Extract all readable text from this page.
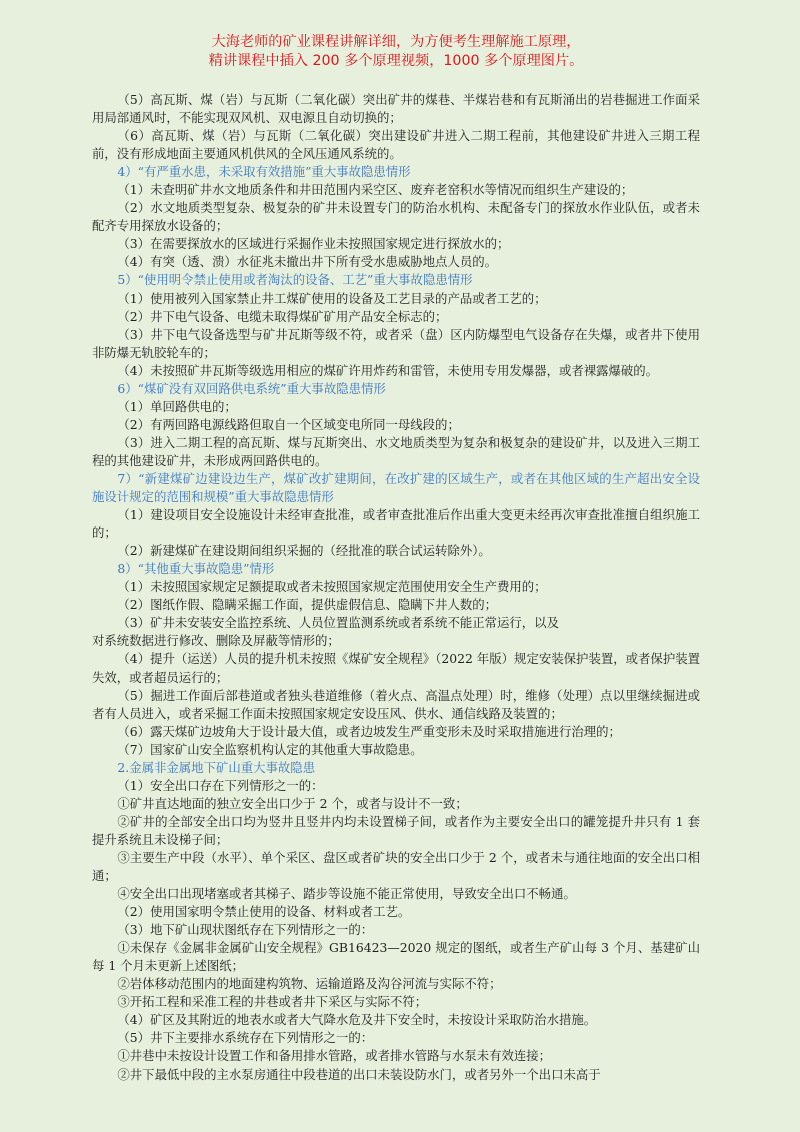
大海老师的矿业课程讲解详细，为方便考生理解施工原理，
精讲课程中插入 200 多个原理视频，1000 多个原理图片。

（5）高瓦斯、煤（岩）与瓦斯（二氧化碳）突出矿井的煤巷、半煤岩巷和有瓦斯涌出的岩巷掘进工作面采用局部通风时，不能实现双风机、双电源且自动切换的；

（6）高瓦斯、煤（岩）与瓦斯（二氧化碳）突出建设矿井进入二期工程前，其他建设矿井进入三期工程前，没有形成地面主要通风机供风的全风压通风系统的。

4）“有严重水患，未采取有效措施”重大事故隐患情形

（1）未查明矿井水文地质条件和井田范围内采空区、废弃老窑积水等情况而组织生产建设的；

（2）水文地质类型复杂、极复杂的矿井未设置专门的防治水机构、未配备专门的探放水作业队伍，或者未配齐专用探放水设备的；

（3）在需要探放水的区域进行采掘作业未按照国家规定进行探放水的；

（4）有突（透、溃）水征兆未撤出井下所有受水患威胁地点人员的。

5）“使用明令禁止使用或者淘汰的设备、工艺”重大事故隐患情形

（1）使用被列入国家禁止井工煤矿使用的设备及工艺目录的产品或者工艺的；

（2）井下电气设备、电缆未取得煤矿矿用产品安全标志的；

（3）井下电气设备选型与矿井瓦斯等级不符，或者采（盘）区内防爆型电气设备存在失爆，或者井下使用非防爆无轨胶轮车的；

（4）未按照矿井瓦斯等级选用相应的煤矿许用炸药和雷管，未使用专用发爆器，或者裸露爆破的。

6）“煤矿没有双回路供电系统”重大事故隐患情形

（1）单回路供电的；

（2）有两回路电源线路但取自一个区域变电所同一母线段的；

（3）进入二期工程的高瓦斯、煤与瓦斯突出、水文地质类型为复杂和极复杂的建设矿井，以及进入三期工程的其他建设矿井，未形成两回路供电的。

7）“新建煤矿边建设边生产，煤矿改扩建期间，在改扩建的区域生产，或者在其他区域的生产超出安全设施设计规定的范围和规模”重大事故隐患情形

（1）建设项目安全设施设计未经审查批准，或者审查批准后作出重大变更未经再次审查批准擅自组织施工的；

（2）新建煤矿在建设期间组织采掘的（经批准的联合试运转除外）。

8）“其他重大事故隐患”情形

（1）未按照国家规定足额提取或者未按照国家规定范围使用安全生产费用的；

（2）图纸作假、隐瞒采掘工作面，提供虚假信息、隐瞒下井人数的；

（3）矿井未安装安全监控系统、人员位置监测系统或者系统不能正常运行，以及
对系统数据进行修改、删除及屏蔽等情形的；

（4）提升（运送）人员的提升机未按照《煤矿安全规程》（2022 年版）规定安装保护装置，或者保护装置失效，或者超员运行的；

（5）掘进工作面后部巷道或者独头巷道维修（着火点、高温点处理）时，维修（处理）点以里继续掘进或者有人员进入，或者采掘工作面未按照国家规定安设压风、供水、通信线路及装置的；

（6）露天煤矿边坡角大于设计最大值，或者边坡发生严重变形未及时采取措施进行治理的；

（7）国家矿山安全监察机构认定的其他重大事故隐患。

2.金属非金属地下矿山重大事故隐患

（1）安全出口存在下列情形之一的：

①矿井直达地面的独立安全出口少于 2 个，或者与设计不一致；

②矿井的全部安全出口均为竖井且竖井内均未设置梯子间，或者作为主要安全出口的罐笼提升井只有 1 套提升系统且未设梯子间；

③主要生产中段（水平）、单个采区、盘区或者矿块的安全出口少于 2 个，或者未与通往地面的安全出口相通；

④安全出口出现堵塞或者其梯子、踏步等设施不能正常使用，导致安全出口不畅通。

（2）使用国家明令禁止使用的设备、材料或者工艺。

（3）地下矿山现状图纸存在下列情形之一的：

①未保存《金属非金属矿山安全规程》GB16423—2020 规定的图纸，或者生产矿山每 3 个月、基建矿山每 1 个月未更新上述图纸；

②岩体移动范围内的地面建构筑物、运输道路及沟谷河流与实际不符；

③开拓工程和采准工程的井巷或者井下采区与实际不符；

（4）矿区及其附近的地表水或者大气降水危及井下安全时，未按设计采取防治水措施。

（5）井下主要排水系统存在下列情形之一的：

①井巷中未按设计设置工作和备用排水管路，或者排水管路与水泵未有效连接；

②井下最低中段的主水泵房通往中段巷道的出口未装设防水门，或者另外一个出口未高于
